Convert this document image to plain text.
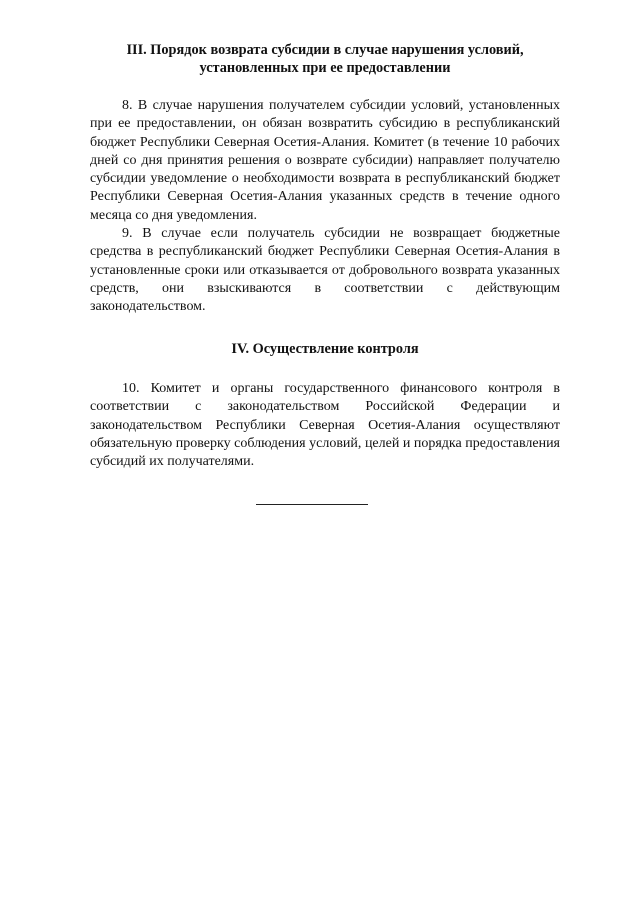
III. Порядок возврата субсидии в случае нарушения условий,
установленных при ее предоставлении

8. В случае нарушения получателем субсидии условий, установленных при ее предоставлении, он обязан возвратить субсидию в республиканский бюджет Республики Северная Осетия-Алания. Комитет (в течение 10 рабочих дней со дня принятия решения о возврате субсидии) направляет получателю субсидии уведомление о необходимости возврата в республиканский бюджет Республики Северная Осетия-Алания указанных средств в течение одного месяца со дня уведомления.

9. В случае если получатель субсидии не возвращает бюджетные средства в республиканский бюджет Республики Северная Осетия-Алания в установленные сроки или отказывается от добровольного возврата указанных средств, они взыскиваются в соответствии с действующим законодательством.

IV. Осуществление контроля

10. Комитет и органы государственного финансового контроля в соответствии с законодательством Российской Федерации и законодательством Республики Северная Осетия-Алания осуществляют обязательную проверку соблюдения условий, целей и порядка предоставления субсидий их получателями.
